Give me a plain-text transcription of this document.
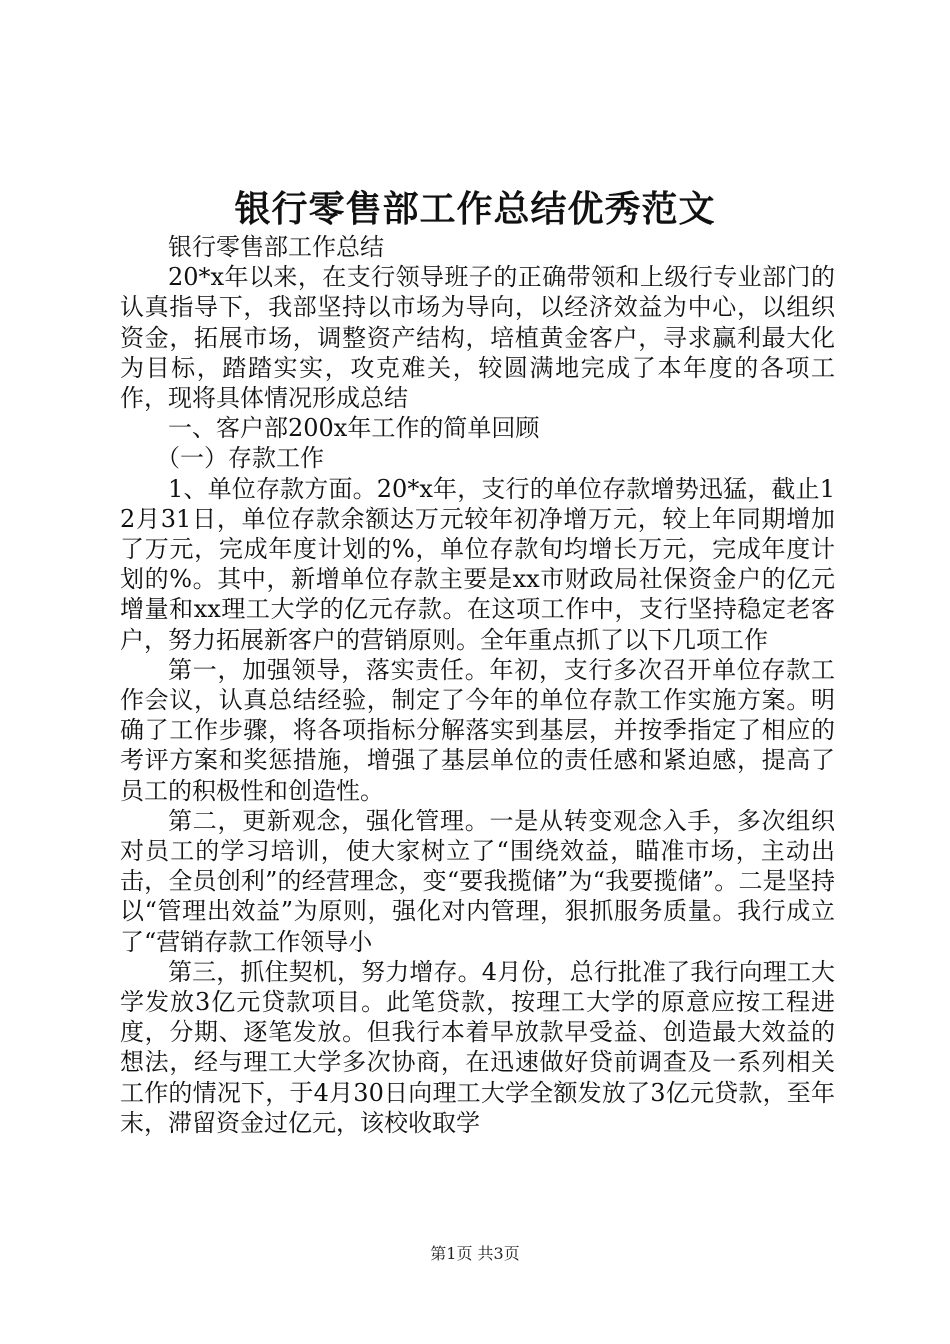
银行零售部工作总结优秀范文

银行零售部工作总结

20*x年以来，在支行领导班子的正确带领和上级行专业部门的认真指导下，我部坚持以市场为导向，以经济效益为中心，以组织资金，拓展市场，调整资产结构，培植黄金客户，寻求赢利最大化为目标，踏踏实实，攻克难关，较圆满地完成了本年度的各项工作，现将具体情况形成总结

一、客户部200x年工作的简单回顾

（一）存款工作

1、单位存款方面。20*x年，支行的单位存款增势迅猛，截止12月31日，单位存款余额达万元较年初净增万元，较上年同期增加了万元，完成年度计划的%，单位存款旬均增长万元，完成年度计划的%。其中，新增单位存款主要是xx市财政局社保资金户的亿元增量和xx理工大学的亿元存款。在这项工作中，支行坚持稳定老客户，努力拓展新客户的营销原则。全年重点抓了以下几项工作

第一，加强领导，落实责任。年初，支行多次召开单位存款工作会议，认真总结经验，制定了今年的单位存款工作实施方案。明确了工作步骤，将各项指标分解落实到基层，并按季指定了相应的考评方案和奖惩措施，增强了基层单位的责任感和紧迫感，提高了员工的积极性和创造性。

第二，更新观念，强化管理。一是从转变观念入手，多次组织对员工的学习培训，使大家树立了“围绕效益，瞄准市场，主动出击，全员创利”的经营理念，变“要我揽储”为“我要揽储”。二是坚持以“管理出效益”为原则，强化对内管理，狠抓服务质量。我行成立了“营销存款工作领导小

第三，抓住契机，努力增存。4月份，总行批准了我行向理工大学发放3亿元贷款项目。此笔贷款，按理工大学的原意应按工程进度，分期、逐笔发放。但我行本着早放款早受益、创造最大效益的想法，经与理工大学多次协商，在迅速做好贷前调查及一系列相关工作的情况下，于4月30日向理工大学全额发放了3亿元贷款，至年末，滞留资金过亿元，该校收取学

第1页 共3页
